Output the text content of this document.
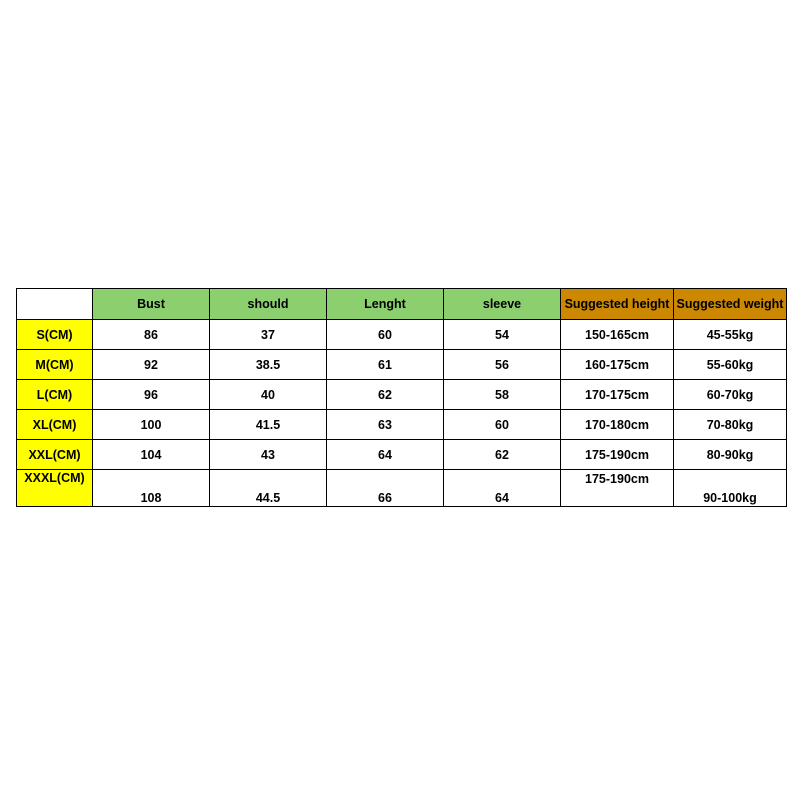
	Bust	should	Lenght	sleeve	Suggested height	Suggested weight
S(CM)	86	37	60	54	150-165cm	45-55kg
M(CM)	92	38.5	61	56	160-175cm	55-60kg
L(CM)	96	40	62	58	170-175cm	60-70kg
XL(CM)	100	41.5	63	60	170-180cm	70-80kg
XXL(CM)	104	43	64	62	175-190cm	80-90kg
XXXL(CM)	108	44.5	66	64	175-190cm	90-100kg
